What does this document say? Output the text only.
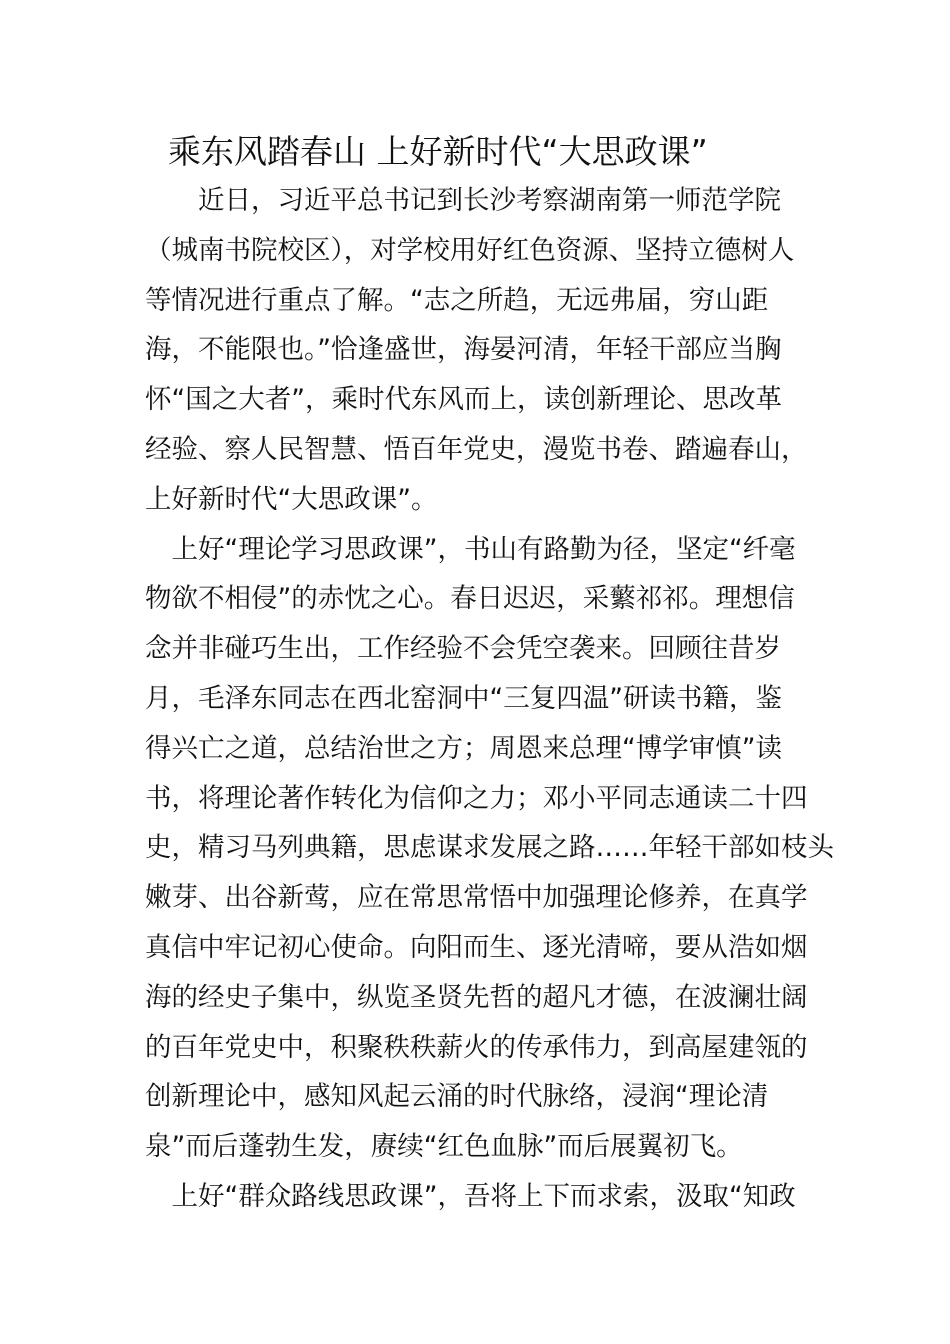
乘东风踏春山 上好新时代“大思政课”

　　近日，习近平总书记到长沙考察湖南第一师范学院

（城南书院校区），对学校用好红色资源、坚持立德树人

等情况进行重点了解。“志之所趋，无远弗届，穷山距

海，不能限也。”恰逢盛世，海晏河清，年轻干部应当胸

怀“国之大者”，乘时代东风而上，读创新理论、思改革

经验、察人民智慧、悟百年党史，漫览书卷、踏遍春山，

上好新时代“大思政课”。

　上好“理论学习思政课”，书山有路勤为径，坚定“纤毫

物欲不相侵”的赤忱之心。春日迟迟，采蘩祁祁。理想信

念并非碰巧生出，工作经验不会凭空袭来。回顾往昔岁

月，毛泽东同志在西北窑洞中“三复四温”研读书籍，鉴

得兴亡之道，总结治世之方；周恩来总理“博学审慎”读

书，将理论著作转化为信仰之力；邓小平同志通读二十四

史，精习马列典籍，思虑谋求发展之路……年轻干部如枝头

嫩芽、出谷新莺，应在常思常悟中加强理论修养，在真学

真信中牢记初心使命。向阳而生、逐光清啼，要从浩如烟

海的经史子集中，纵览圣贤先哲的超凡才德，在波澜壮阔

的百年党史中，积聚秩秩薪火的传承伟力，到高屋建瓴的

创新理论中，感知风起云涌的时代脉络，浸润“理论清

泉”而后蓬勃生发，赓续“红色血脉”而后展翼初飞。

　上好“群众路线思政课”，吾将上下而求索，汲取“知政
